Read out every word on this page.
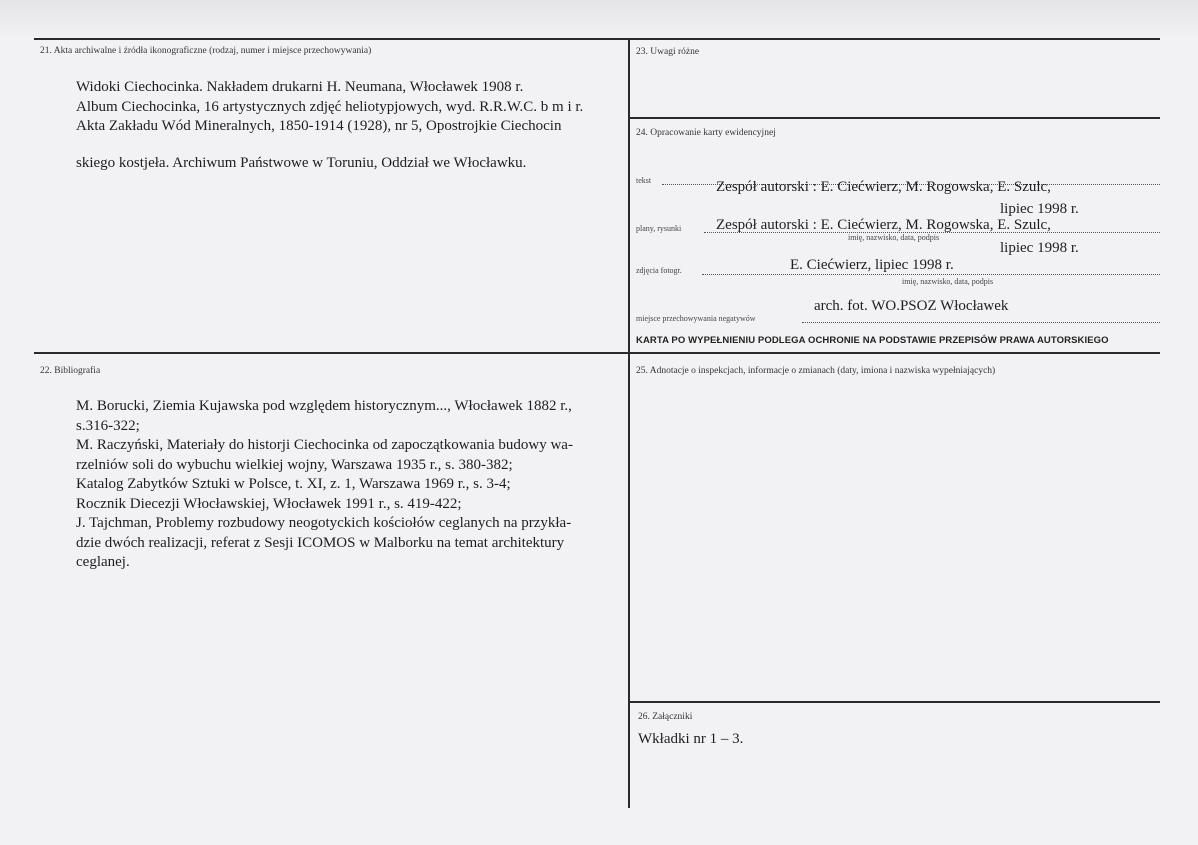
21. Akta archiwalne i źródła ikonograficzne (rodzaj, numer i miejsce przechowywania)
Widoki Ciechocinka. Nakładem drukarni H. Neumana, Włocławek 1908 r.
Album Ciechocinka, 16 artystycznych zdjęć heliotypjowych, wyd. R.R.W.C. b m i r.
Akta Zakładu Wód Mineralnych, 1850-1914 (1928), nr 5, Opostrojkie Ciechocin
skiego kostjeła. Archiwum Państwowe w Toruniu, Oddział we Włocławku.
23. Uwagi różne
24. Opracowanie karty ewidencyjnej
tekst	Zespół autorski : E. Ciećwierz, M. Rogowska, E. Szulc,
lipiec 1998 r.
plany, rysunki Zespół autorski : E. Ciećwierz, M. Rogowska, E. Szulc,
imię, nazwisko, data, podpis
lipiec 1998 r.
zdjęcia fotogr.	E. Ciećwierz, lipiec 1998 r.
imię, nazwisko, data, podpis
arch. fot. WO.PSOZ Włocławek
miejsce przechowywania negatywów
KARTA PO WYPEŁNIENIU PODLEGA OCHRONIE NA PODSTAWIE PRZEPISÓW PRAWA AUTORSKIEGO
22. Bibliografia
M. Borucki, Ziemia Kujawska pod względem historycznym..., Włocławek 1882 r.,
s.316-322;
M. Raczyński, Materiały do historji Ciechocinka od zapoczątkowania budowy wa-
rzelniów soli do wybuchu wielkiej wojny, Warszawa 1935 r., s. 380-382;
Katalog Zabytków Sztuki w Polsce, t. XI, z. 1, Warszawa 1969 r., s. 3-4;
Rocznik Diecezji Włocławskiej, Włocławek 1991 r., s. 419-422;
J. Tajchman, Problemy rozbudowy neogotyckich kościołów ceglanych na przykła-
dzie dwóch realizacji, referat z Sesji ICOMOS w Malborku na temat architektury
ceglanej.
25. Adnotacje o inspekcjach, informacje o zmianach (daty, imiona i nazwiska wypełniających)
26. Załączniki
Wkładki nr 1 – 3.
